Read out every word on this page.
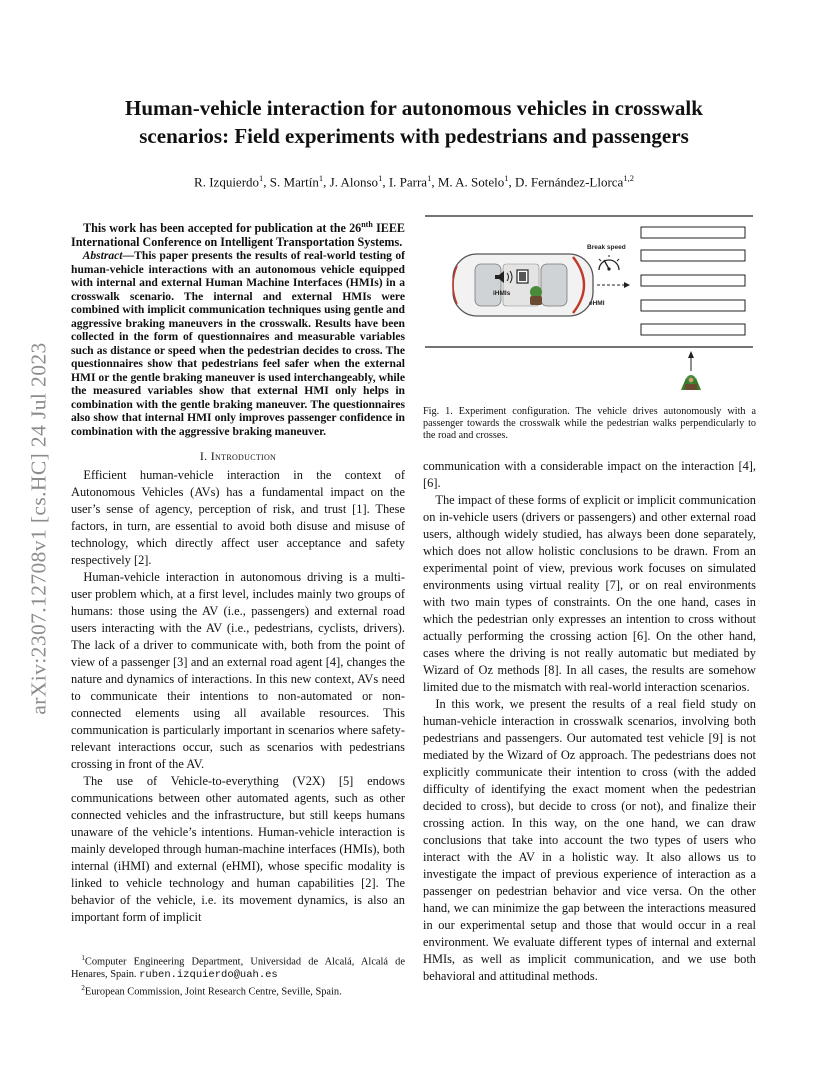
arXiv:2307.12708v1 [cs.HC] 24 Jul 2023
Human-vehicle interaction for autonomous vehicles in crosswalk
scenarios: Field experiments with pedestrians and passengers
R. Izquierdo$^1$, S. Martín$^1$, J. Alonso$^1$, I. Parra$^1$, M. A. Sotelo$^1$, D. Fernández-Llorca$^{1,2}$

This work has been accepted for publication at the $26^{nth}$ IEEE International Conference on Intelligent Transportation Systems.

Abstract—This paper presents the results of real-world testing of human-vehicle interactions with an autonomous vehicle equipped with internal and external Human Machine Interfaces (HMIs) in a crosswalk scenario. The internal and external HMIs were combined with implicit communication techniques using gentle and aggressive braking maneuvers in the crosswalk. Results have been collected in the form of questionnaires and measurable variables such as distance or speed when the pedestrian decides to cross. The questionnaires show that pedestrians feel safer when the external HMI or the gentle braking maneuver is used interchangeably, while the measured variables show that external HMI only helps in combination with the gentle braking maneuver. The questionnaires also show that internal HMI only improves passenger confidence in combination with the aggressive braking maneuver.

I. Introduction

Efficient human-vehicle interaction in the context of Autonomous Vehicles (AVs) has a fundamental impact on the user’s sense of agency, perception of risk, and trust [1]. These factors, in turn, are essential to avoid both disuse and misuse of technology, which directly affect user acceptance and safety respectively [2].

Human-vehicle interaction in autonomous driving is a multi-user problem which, at a first level, includes mainly two groups of humans: those using the AV (i.e., passengers) and external road users interacting with the AV (i.e., pedestrians, cyclists, drivers). The lack of a driver to communicate with, both from the point of view of a passenger [3] and an external road agent [4], changes the nature and dynamics of interactions. In this new context, AVs need to communicate their intentions to non-automated or non-connected elements using all available resources. This communication is particularly important in scenarios where safety-relevant interactions occur, such as scenarios with pedestrians crossing in front of the AV.

The use of Vehicle-to-everything (V2X) [5] endows communications between other automated agents, such as other connected vehicles and the infrastructure, but still keeps humans unaware of the vehicle’s intentions. Human-vehicle interaction is mainly developed through human-machine interfaces (HMIs), both internal (iHMI) and external (eHMI), whose specific modality is linked to vehicle technology and human capabilities [2]. The behavior of the vehicle, i.e. its movement dynamics, is also an important form of implicit

$^1$Computer Engineering Department, Universidad de Alcalá, Alcalá de Henares, Spain. ruben.izquierdo@uah.es

$^2$European Commission, Joint Research Centre, Seville, Spain.

iHMIs
Break speed
eHMI
Fig. 1. Experiment configuration. The vehicle drives autonomously with a passenger towards the crosswalk while the pedestrian walks perpendicularly to the road and crosses.

communication with a considerable impact on the interaction [4], [6].

The impact of these forms of explicit or implicit communication on in-vehicle users (drivers or passengers) and other external road users, although widely studied, has always been done separately, which does not allow holistic conclusions to be drawn. From an experimental point of view, previous work focuses on simulated environments using virtual reality [7], or on real environments with two main types of constraints. On the one hand, cases in which the pedestrian only expresses an intention to cross without actually performing the crossing action [6]. On the other hand, cases where the driving is not really automatic but mediated by Wizard of Oz methods [8]. In all cases, the results are somehow limited due to the mismatch with real-world interaction scenarios.

In this work, we present the results of a real field study on human-vehicle interaction in crosswalk scenarios, involving both pedestrians and passengers. Our automated test vehicle [9] is not mediated by the Wizard of Oz approach. The pedestrians does not explicitly communicate their intention to cross (with the added difficulty of identifying the exact moment when the pedestrian decided to cross), but decide to cross (or not), and finalize their crossing action. In this way, on the one hand, we can draw conclusions that take into account the two types of users who interact with the AV in a holistic way. It also allows us to investigate the impact of previous experience of interaction as a passenger on pedestrian behavior and vice versa. On the other hand, we can minimize the gap between the interactions measured in our experimental setup and those that would occur in a real environment. We evaluate different types of internal and external HMIs, as well as implicit communication, and we use both behavioral and attitudinal methods.
